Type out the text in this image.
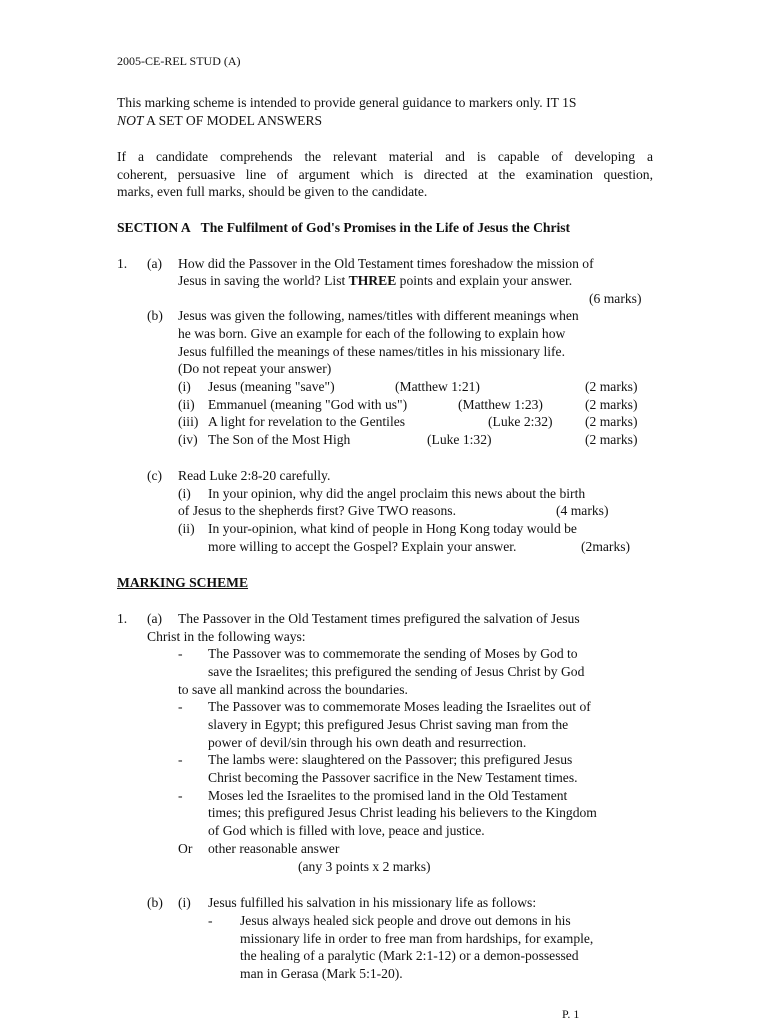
2005-CE-REL STUD (A)
This marking scheme is intended to provide general guidance to markers only. IT 1S
NOT A SET OF MODEL ANSWERS
If a candidate comprehends the relevant material and is capable of developing a
coherent, persuasive line of argument which is directed at the examination question,
marks, even full marks, should be given to the candidate.
SECTION A The Fulfilment of God's Promises in the Life of Jesus the Christ
1. (a) How did the Passover in the Old Testament times foreshadow the mission of
Jesus in saving the world? List THREE points and explain your answer.
(6 marks)
(b) Jesus was given the following, names/titles with different meanings when
he was born. Give an example for each of the following to explain how
Jesus fulfilled the meanings of these names/titles in his missionary life.
(Do not repeat your answer)
(i) Jesus (meaning "save")	(Matthew 1:21)	(2 marks)
(ii) Emmanuel (meaning "God with us")	(Matthew 1:23)	(2 marks)
(iii) A light for revelation to the Gentiles	(Luke 2:32) (2 marks)
(iv) The Son of the Most High	(Luke 1:32)	(2 marks)
(c) Read Luke 2:8-20 carefully.
(i) In your opinion, why did the angel proclaim this news about the birth
of Jesus to the shepherds first? Give TWO reasons.	(4 marks)
(ii) In your-opinion, what kind of people in Hong Kong today would be
more willing to accept the Gospel? Explain your answer.	(2marks)
MARKING SCHEME
1. (a) The Passover in the Old Testament times prefigured the salvation of Jesus
Christ in the following ways:
- The Passover was to commemorate the sending of Moses by God to
save the Israelites; this prefigured the sending of Jesus Christ by God
to save all mankind across the boundaries.
- The Passover was to commemorate Moses leading the Israelites out of
slavery in Egypt; this prefigured Jesus Christ saving man from the
power of devil/sin through his own death and resurrection.
- The lambs were: slaughtered on the Passover; this prefigured Jesus
Christ becoming the Passover sacrifice in the New Testament times.
- Moses led the Israelites to the promised land in the Old Testament
times; this prefigured Jesus Christ leading his believers to the Kingdom
of God which is filled with love, peace and justice.
Or other reasonable answer
(any 3 points x 2 marks)
(b) (i) Jesus fulfilled his salvation in his missionary life as follows:
- Jesus always healed sick people and drove out demons in his
missionary life in order to free man from hardships, for example,
the healing of a paralytic (Mark 2:1-12) or a demon-possessed
man in Gerasa (Mark 5:1-20).
P. 1
